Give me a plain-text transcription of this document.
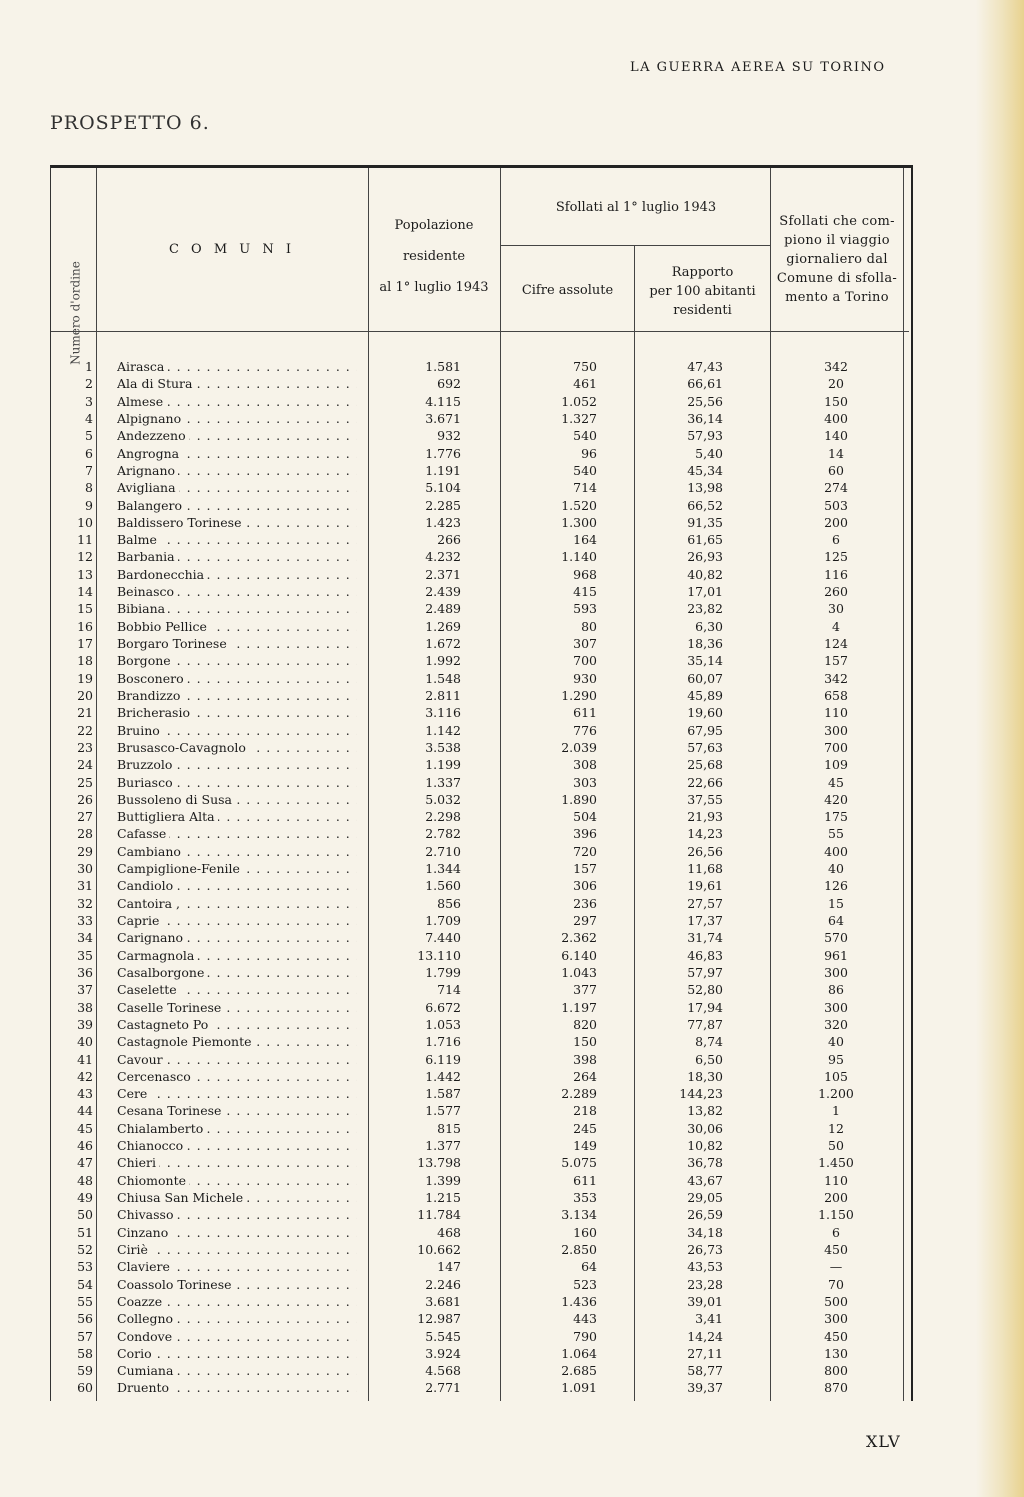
LA GUERRA AEREA SU TORINO
PROSPETTO 6.
Numero d'ordine
C O M U N I
Popolazione
residente
al 1° luglio 1943
Sfollati al 1° luglio 1943
Cifre assolute
Rapporto
per 100 abitanti
residenti
Sfollati che com-
piono il viaggio
giornaliero dal
Comune di sfolla-
mento a Torino
1 Airasca . . .	1.581	750	47,43	342
2 Ala di Stura . . .	692	461	66,61	20
3 Almese . . .	4.115	1.052	25,56	150
4 Alpignano . . .	3.671	1.327	36,14	400
5 Andezzeno . . .	932	540	57,93	140
6 Angrogna . . .	1.776	96	5,40	14
7 Arignano . . .	1.191	540	45,34	60
8 Avigliana . . .	5.104	714	13,98	274
9 Balangero . . .	2.285	1.520	66,52	503
10 Baldissero Torinese . . .	1.423	1.300	91,35	200
11 Balme . . .	266	164	61,65	6
12 Barbania . . .	4.232	1.140	26,93	125
13 Bardonecchia . . .	2.371	968	40,82	116
14 Beinasco . . .	2.439	415	17,01	260
15 Bibiana . . .	2.489	593	23,82	30
16 Bobbio Pellice . . .	1.269	80	6,30	4
17 Borgaro Torinese . . .	1.672	307	18,36	124
18 Borgone . . .	1.992	700	35,14	157
19 Bosconero . . .	1.548	930	60,07	342
20 Brandizzo . . .	2.811	1.290	45,89	658
21 Bricherasio . . .	3.116	611	19,60	110
22 Bruino . . .	1.142	776	67,95	300
23 Brusasco-Cavagnolo . . .	3.538	2.039	57,63	700
24 Bruzzolo . . .	1.199	308	25,68	109
25 Buriasco . . .	1.337	303	22,66	45
26 Bussoleno di Susa . . .	5.032	1.890	37,55	420
27 Buttigliera Alta . . .	2.298	504	21,93	175
28 Cafasse . . .	2.782	396	14,23	55
29 Cambiano . . .	2.710	720	26,56	400
30 Campiglione-Fenile . . .	1.344	157	11,68	40
31 Candiolo . . .	1.560	306	19,61	126
32 Cantoira , . . .	856	236	27,57	15
33 Caprie . . .	1.709	297	17,37	64
34 Carignano . . .	7.440	2.362	31,74	570
35 Carmagnola . . .	13.110	6.140	46,83	961
36 Casalborgone . . .	1.799	1.043	57,97	300
37 Caselette . . .	714	377	52,80	86
38 Caselle Torinese . . .	6.672	1.197	17,94	300
39 Castagneto Po . . .	1.053	820	77,87	320
40 Castagnole Piemonte . . .	1.716	150	8,74	40
41 Cavour . . .	6.119	398	6,50	95
42 Cercenasco . . .	1.442	264	18,30	105
43 Cere . . .	1.587	2.289	144,23	1.200
44 Cesana Torinese . . .	1.577	218	13,82	1
45 Chialamberto . . .	815	245	30,06	12
46 Chianocco . . .	1.377	149	10,82	50
47 Chieri . . .	13.798	5.075	36,78	1.450
48 Chiomonte . . .	1.399	611	43,67	110
49 Chiusa San Michele . . .	1.215	353	29,05	200
50 Chivasso . . .	11.784	3.134	26,59	1.150
51 Cinzano . . .	468	160	34,18	6
52 Ciriè . . .	10.662	2.850	26,73	450
53 Claviere . . .	147	64	43,53	—
54 Coassolo Torinese . . .	2.246	523	23,28	70
55 Coazze . . .	3.681	1.436	39,01	500
56 Collegno . . .	12.987	443	3,41	300
57 Condove . . .	5.545	790	14,24	450
58 Corio . . .	3.924	1.064	27,11	130
59 Cumiana . . .	4.568	2.685	58,77	800
60 Druento . . .	2.771	1.091	39,37	870
XLV
